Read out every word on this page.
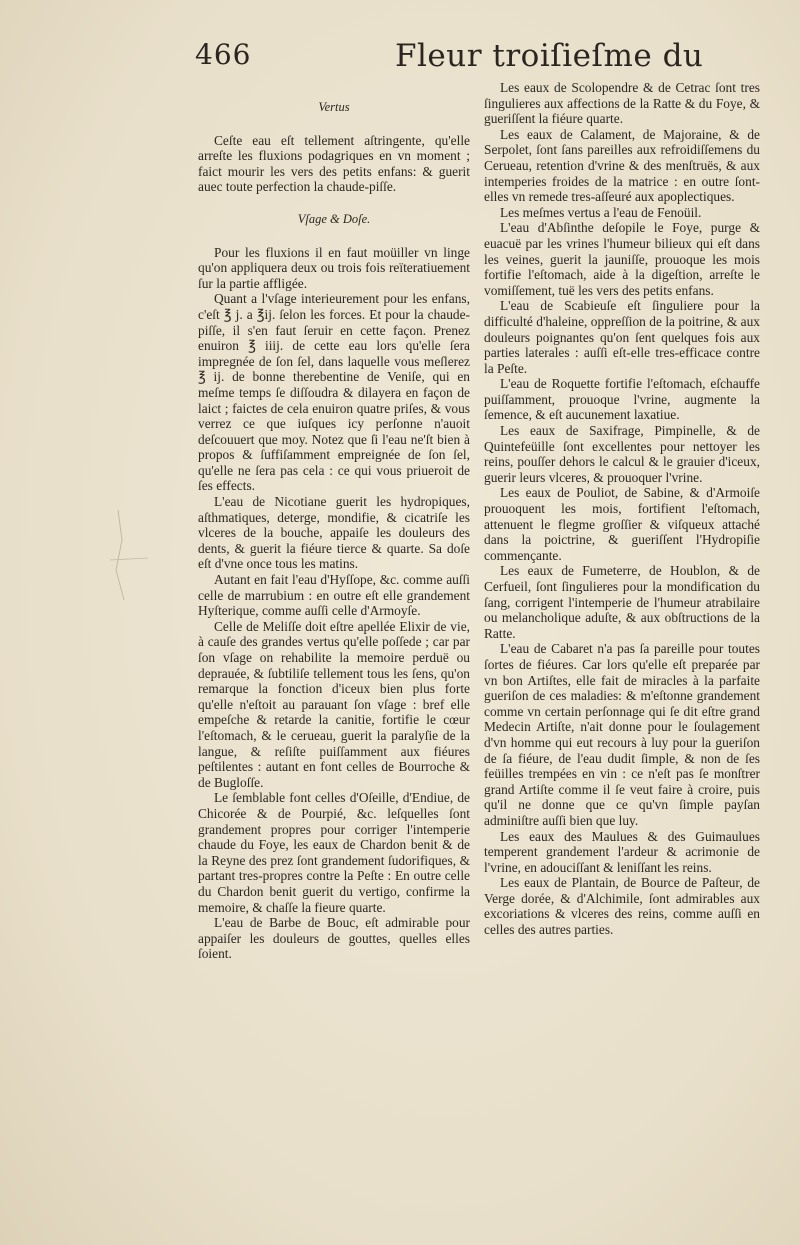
466	Fleur troiſieſme du

Vertus

Ceſte eau eſt tellement aſtringente, qu'elle arreſte les fluxions podagriques en vn moment ; faict mourir les vers des petits enfans: & guerit auec toute perfection la chaude-piſſe.

Vſage & Doſe.

Pour les fluxions il en faut moüiller vn linge qu'on appliquera deux ou trois fois reïteratiuement ſur la partie affligée.

Quant a l'vſage interieurement pour les enfans, c'eſt ℥ j. a ℥ij. ſelon les forces. Et pour la chaude-piſſe, il s'en faut ſeruir en cette façon. Prenez enuiron ℥ iiij. de cette eau lors qu'elle ſera impregnée de ſon ſel, dans laquelle vous meſlerez ℥ ij. de bonne therebentine de Veniſe, qui en meſme temps ſe diſſoudra & dilayera en façon de laict ; faictes de cela enuiron quatre priſes, & vous verrez ce que iuſques icy perſonne n'auoit deſcouuert que moy. Notez que ſi l'eau ne'ſt bien à propos & ſuffiſamment empreignée de ſon ſel, qu'elle ne ſera pas cela : ce qui vous priueroit de ſes effects.

L'eau de Nicotiane guerit les hydropiques, aſthmatiques, deterge, mondifie, & cicatriſe les vlceres de la bouche, appaiſe les douleurs des dents, & guerit la fiéure tierce & quarte. Sa doſe eſt d'vne once tous les matins.

Autant en fait l'eau d'Hyſſope, &c. comme auſſi celle de marrubium : en outre eſt elle grandement Hyſterique, comme auſſi celle d'Armoyſe.

Celle de Meliſſe doit eſtre apellée Elixir de vie, à cauſe des grandes vertus qu'elle poſſede ; car par ſon vſage on rehabilite la memoire perduë ou deprauée, & ſubtiliſe tellement tous les ſens, qu'on remarque la fonction d'iceux bien plus forte qu'elle n'eſtoit au parauant ſon vſage : bref elle empeſche & retarde la canitie, fortifie le cœur l'eſtomach, & le cerueau, guerit la paralyſie de la langue, & reſiſte puiſſamment aux fiéures peſtilentes : autant en font celles de Bourroche & de Bugloſſe.

Le ſemblable font celles d'Oſeille, d'Endiue, de Chicorée & de Pourpié, &c. leſquelles ſont grandement propres pour corriger l'intemperie chaude du Foye, les eaux de Chardon benit & de la Reyne des prez ſont grandement ſudorifiques, & partant tres-propres contre la Peſte : En outre celle du Chardon benit guerit du vertigo, confirme la memoire, & chaſſe la fieure quarte.

L'eau de Barbe de Bouc, eſt admirable pour appaiſer les douleurs de gouttes, quelles elles ſoient.

Les eaux de Scolopendre & de Cetrac ſont tres ſingulieres aux affections de la Ratte & du Foye, & gueriſſent la fiéure quarte.

Les eaux de Calament, de Majoraine, & de Serpolet, ſont ſans pareilles aux refroidiſſemens du Cerueau, retention d'vrine & des menſtruës, & aux intemperies froides de la matrice : en outre ſont-elles vn remede tres-aſſeuré aux apoplectiques.

Les meſmes vertus a l'eau de Fenoüil.

L'eau d'Abſinthe deſopile le Foye, purge & euacuë par les vrines l'humeur bilieux qui eſt dans les veines, guerit la jauniſſe, prouoque les mois fortifie l'eſtomach, aide à la digeſtion, arreſte le vomiſſement, tuë les vers des petits enfans.

L'eau de Scabieuſe eſt ſinguliere pour la difficulté d'haleine, oppreſſion de la poitrine, & aux douleurs poignantes qu'on ſent quelques fois aux parties laterales : auſſi eſt-elle tres-efficace contre la Peſte.

L'eau de Roquette fortifie l'eſtomach, eſchauffe puiſſamment, prouoque l'vrine, augmente la ſemence, & eſt aucunement laxatiue.

Les eaux de Saxifrage, Pimpinelle, & de Quintefeüille ſont excellentes pour nettoyer les reins, pouſſer dehors le calcul & le grauier d'iceux, guerir leurs vlceres, & prouoquer l'vrine.

Les eaux de Pouliot, de Sabine, & d'Armoiſe prouoquent les mois, fortifient l'eſtomach, attenuent le flegme groſſier & viſqueux attaché dans la poictrine, & gueriſſent l'Hydropiſie commençante.

Les eaux de Fumeterre, de Houblon, & de Cerfueil, ſont ſingulieres pour la mondification du ſang, corrigent l'intemperie de l'humeur atrabilaire ou melancholique aduſte, & aux obſtructions de la Ratte.

L'eau de Cabaret n'a pas ſa pareille pour toutes ſortes de fiéures. Car lors qu'elle eſt preparée par vn bon Artiſtes, elle fait de miracles à la parfaite gueriſon de ces maladies: & m'eſtonne grandement comme vn certain perſonnage qui ſe dit eſtre grand Medecin Artiſte, n'ait donne pour le ſoulagement d'vn homme qui eut recours à luy pour la gueriſon de ſa fiéure, de l'eau dudit ſimple, & non de ſes feüilles trempées en vin : ce n'eſt pas ſe monſtrer grand Artiſte comme il ſe veut faire à croire, puis qu'il ne donne que ce qu'vn ſimple payſan adminiſtre auſſi bien que luy.

Les eaux des Maulues & des Guimaulues temperent grandement l'ardeur & acrimonie de l'vrine, en adouciſſant & leniſſant les reins.

Les eaux de Plantain, de Bource de Paſteur, de Verge dorée, & d'Alchimile, ſont admirables aux excoriations & vlceres des reins, comme auſſi en celles des autres parties.
